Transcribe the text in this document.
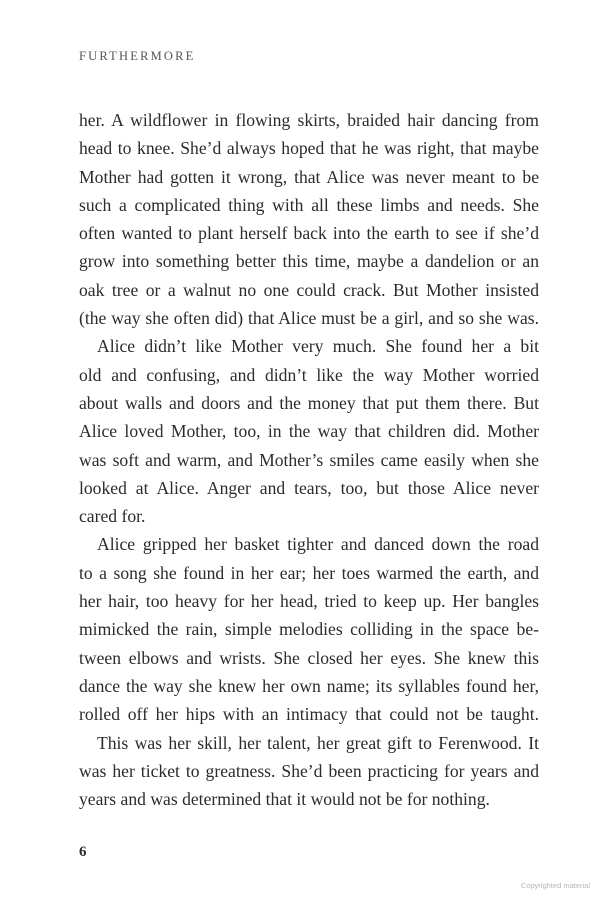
FURTHERMORE
her. A wildflower in flowing skirts, braided hair dancing from
head to knee. She’d always hoped that he was right, that maybe
Mother had gotten it wrong, that Alice was never meant to be
such a complicated thing with all these limbs and needs. She
often wanted to plant herself back into the earth to see if she’d
grow into something better this time, maybe a dandelion or an
oak tree or a walnut no one could crack. But Mother insisted
(the way she often did) that Alice must be a girl, and so she was.
Alice didn’t like Mother very much. She found her a bit
old and confusing, and didn’t like the way Mother worried
about walls and doors and the money that put them there. But
Alice loved Mother, too, in the way that children did. Mother
was soft and warm, and Mother’s smiles came easily when she
looked at Alice. Anger and tears, too, but those Alice never
cared for.
Alice gripped her basket tighter and danced down the road
to a song she found in her ear; her toes warmed the earth, and
her hair, too heavy for her head, tried to keep up. Her bangles
mimicked the rain, simple melodies colliding in the space be-
tween elbows and wrists. She closed her eyes. She knew this
dance the way she knew her own name; its syllables found her,
rolled off her hips with an intimacy that could not be taught.
This was her skill, her talent, her great gift to Ferenwood. It
was her ticket to greatness. She’d been practicing for years and
years and was determined that it would not be for nothing.
6
Copyrighted material
